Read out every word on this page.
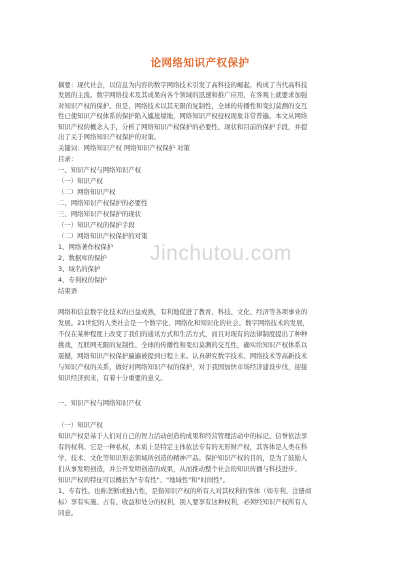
论网络知识产权保护
摘要：现代社会，以信息为内容的数字网络技术引发了高科技的崛起，构成了当代高科技
发展的主流。数字网络技术及其成果向各个领域的迅速和推广应用，在客观上就要求加强
对知识产权的保护。但是，网络技术以其无限的复制性，全球的传播性和变幻莫测的交互
性已使知识产权体系的保护陷入尴尬境地，网络知识产权侵权现象非常普遍。本文从网络
知识产权的概念入手，分析了网络知识产权保护的必要性、现状和目前的保护手段，并提
出了关于网络知识产权保护的对策。
关键词：网络知识产权 网络知识产权保护 对策
目录：
一、知识产权与网络知识产权
（一）知识产权
（二）网络知识产权
二、网络知识产权保护的必要性
三、网络知识产权保护的现状
（一）知识产权的保护手段
（二）网络知识产权保护的对策
1、网络著作权保护
2、数据库的保护
3、域名的保护
4、专利权的保护
结束语
Jinchutou.com
网络和信息数字化技术的日益成熟，有利地促进了教育、科技、文化、经济等各项事业的
发展。21世纪的人类社会是一个数字化、网络化和知识化的社会。数字网络技术的发展，
不仅在某种程度上改变了我们的通讯方式和生活方式，而且对现有的法律制度提出了种种
挑战，互联网无限的复制性、全球的传播性和变幻莫测的交互性，确实给知识产权体系以
震撼，网络知识产权保护遍遍被提到日程上来。认真研究数字技术、网络技术等高新技术
与知识产权的关系，做好对网络知识产权的保护，对于我国加快市场经济建设步伐，迎接
知识经济到来，有着十分重要的意义。
一、知识产权与网络知识产权
（一）知识产权
知识产权是基于人们对自己的智力活动创造的成果和经营管理活动中的标记、信誉依法享
有的权利。它是一种私权，本质上是特定主体依法专有的无形财产权，其客体是人类在科
学、技术、文化等知识形态领域所创造的精神产品。保护知识产权的目的，是为了鼓励人
们从事发明创造，并公开发明创造的成果，从而推动整个社会的知识传播与科技进步。
知识产权的特征可以概括为"专有性"、"地域性"和"时间性"。
1、专有性。也称垄断或独占性，是指知识产权的所有人对其权利的客体（如专利、注册商
标）享有实施、占有、收益和处分的权利，别人要享有这种权利，必须经知识产权所有人
同意。
